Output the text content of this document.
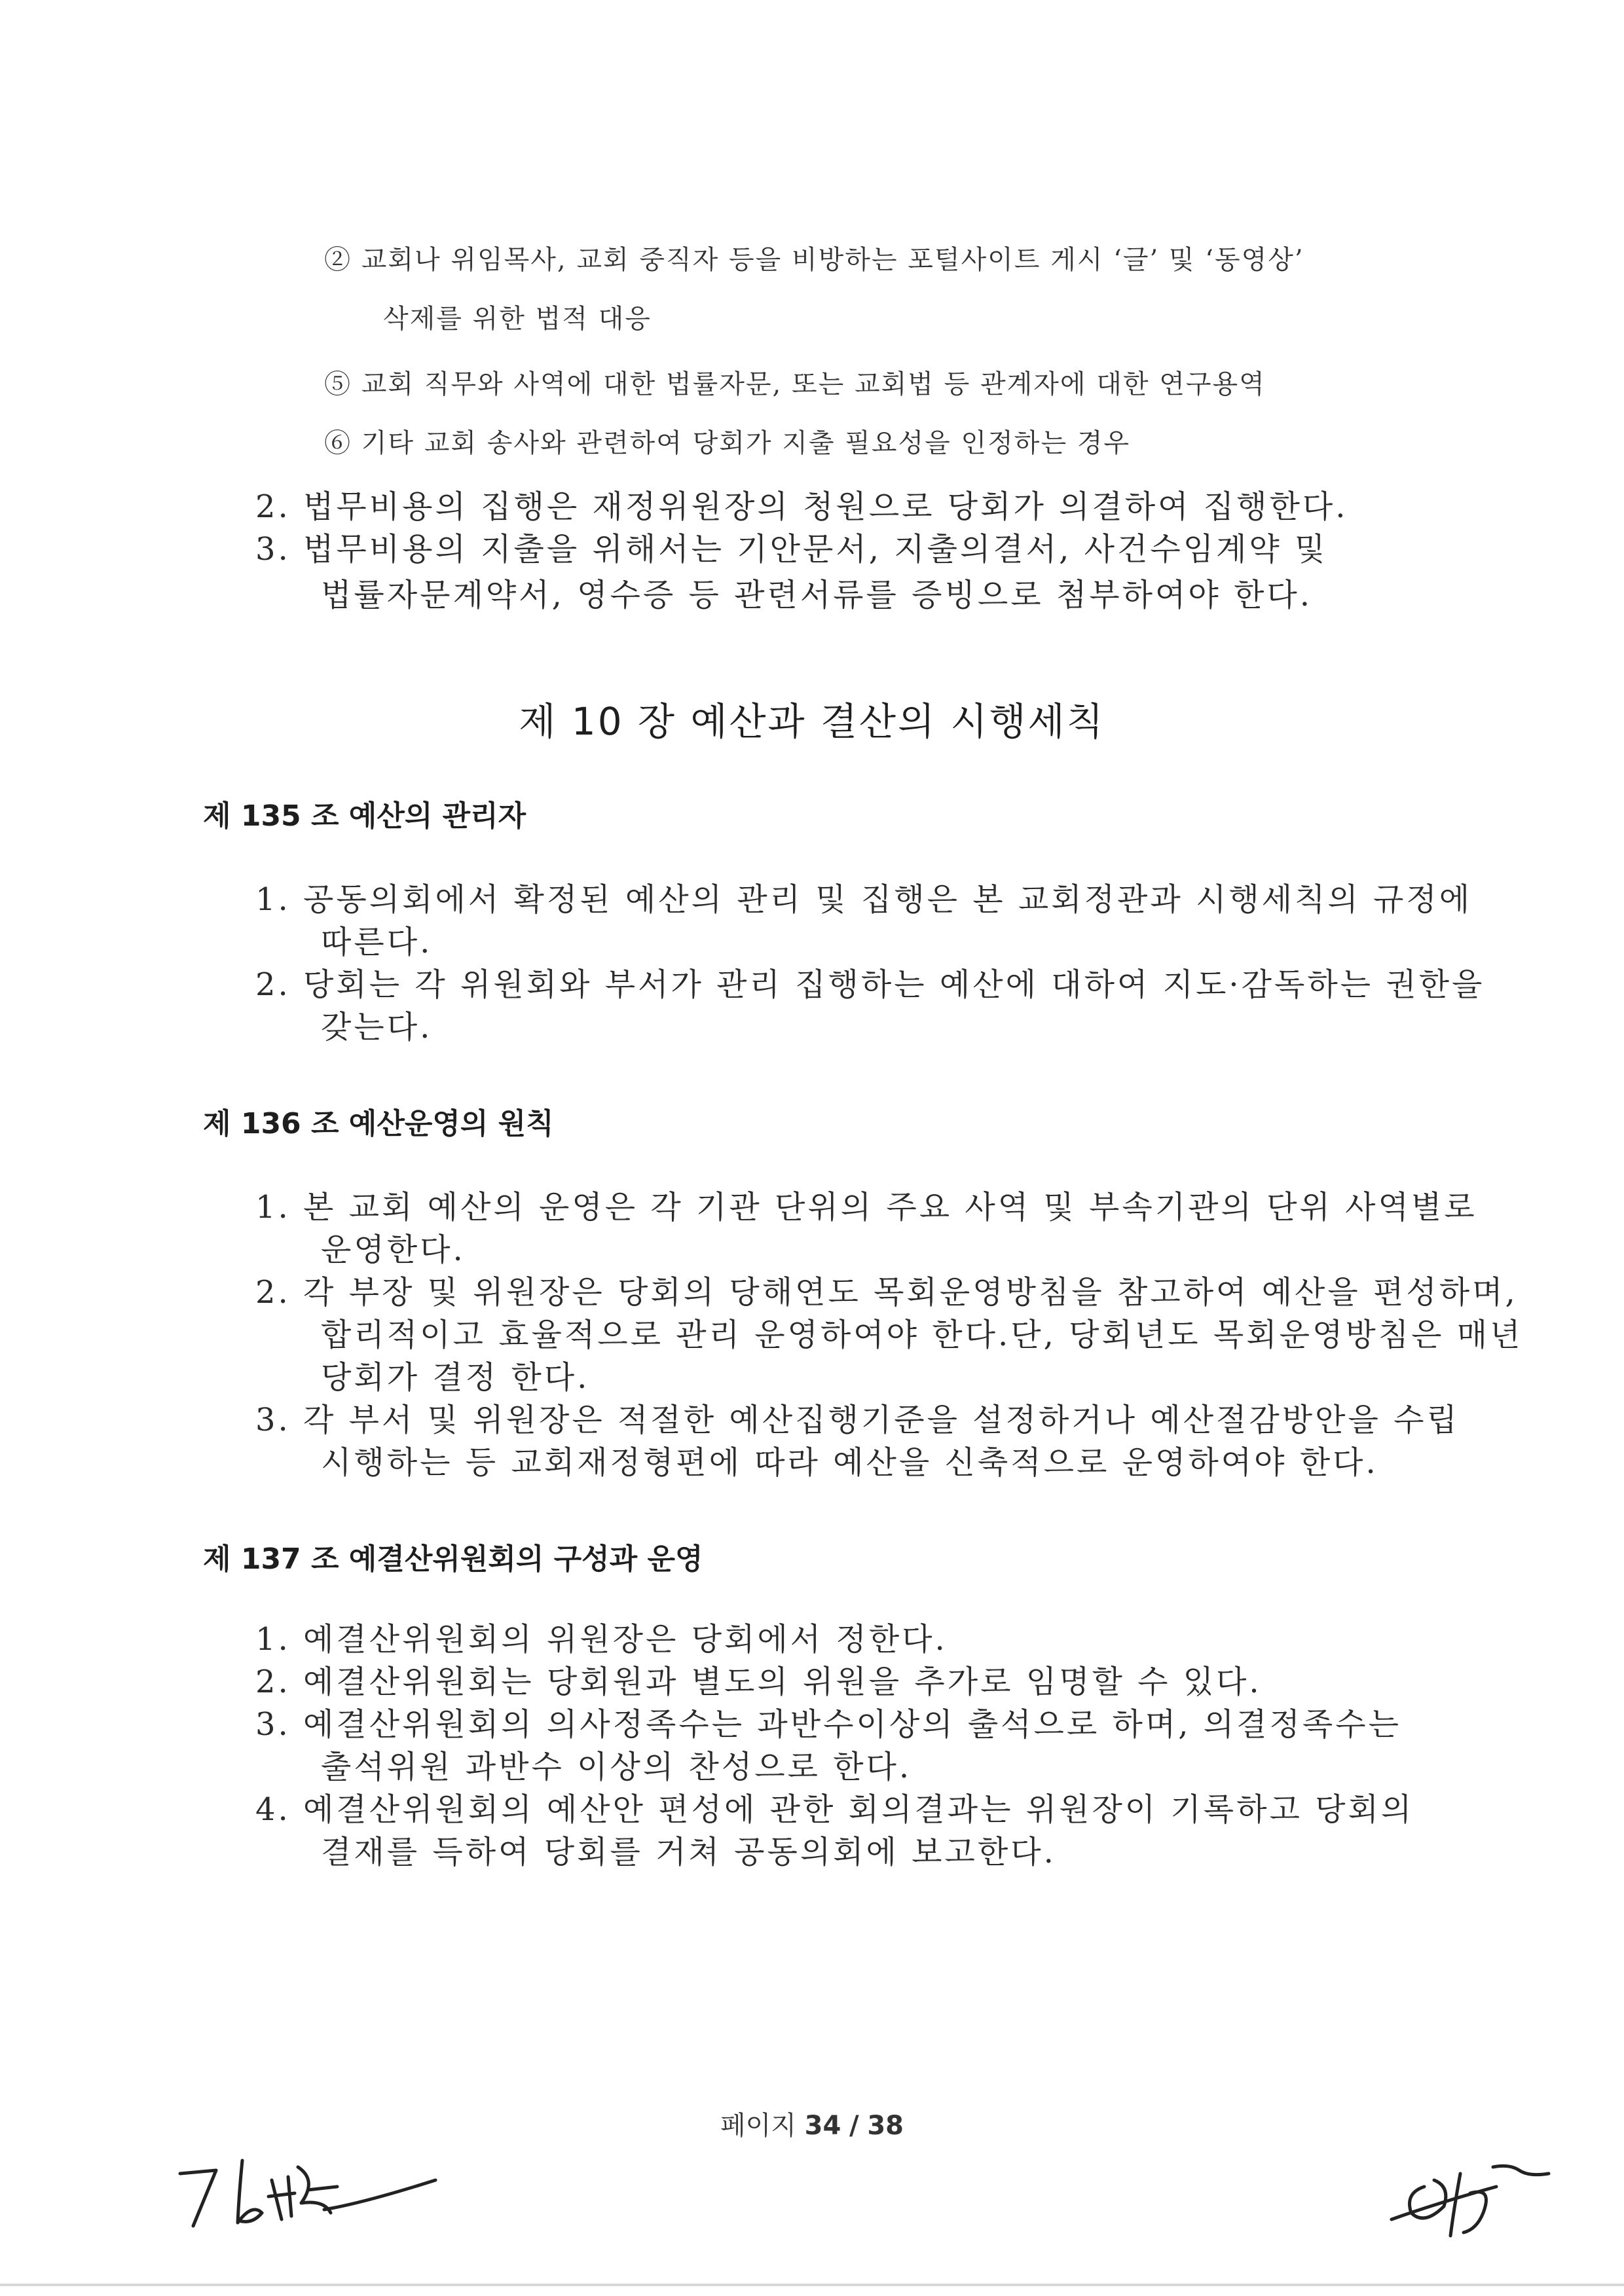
② 교회나 위임목사, 교회 중직자 등을 비방하는 포털사이트 게시 ‘글’ 및 ‘동영상’
삭제를 위한 법적 대응
⑤ 교회 직무와 사역에 대한 법률자문, 또는 교회법 등 관계자에 대한 연구용역
⑥ 기타 교회 송사와 관련하여 당회가 지출 필요성을 인정하는 경우
2. 법무비용의 집행은 재정위원장의 청원으로 당회가 의결하여 집행한다.
3. 법무비용의 지출을 위해서는 기안문서, 지출의결서, 사건수임계약 및
법률자문계약서, 영수증 등 관련서류를 증빙으로 첨부하여야 한다.
제 10 장 예산과 결산의 시행세칙
제 135 조 예산의 관리자
1. 공동의회에서 확정된 예산의 관리 및 집행은 본 교회정관과 시행세칙의 규정에
따른다.
2. 당회는 각 위원회와 부서가 관리 집행하는 예산에 대하여 지도·감독하는 권한을
갖는다.
제 136 조 예산운영의 원칙
1. 본 교회 예산의 운영은 각 기관 단위의 주요 사역 및 부속기관의 단위 사역별로
운영한다.
2. 각 부장 및 위원장은 당회의 당해연도 목회운영방침을 참고하여 예산을 편성하며,
합리적이고 효율적으로 관리 운영하여야 한다.단, 당회년도 목회운영방침은 매년
당회가 결정 한다.
3. 각 부서 및 위원장은 적절한 예산집행기준을 설정하거나 예산절감방안을 수립
시행하는 등 교회재정형편에 따라 예산을 신축적으로 운영하여야 한다.
제 137 조 예결산위원회의 구성과 운영
1. 예결산위원회의 위원장은 당회에서 정한다.
2. 예결산위원회는 당회원과 별도의 위원을 추가로 임명할 수 있다.
3. 예결산위원회의 의사정족수는 과반수이상의 출석으로 하며, 의결정족수는
출석위원 과반수 이상의 찬성으로 한다.
4. 예결산위원회의 예산안 편성에 관한 회의결과는 위원장이 기록하고 당회의
결재를 득하여 당회를 거쳐 공동의회에 보고한다.
페이지 34 / 38
